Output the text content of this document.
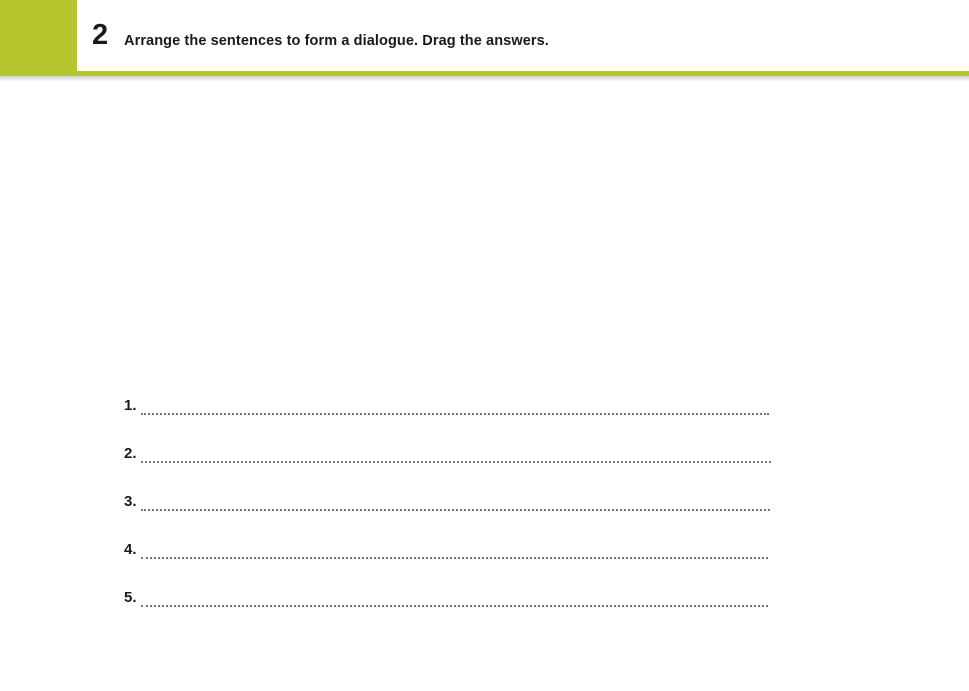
2 Arrange the sentences to form a dialogue. Drag the answers.
1.
2.
3.
4.
5.
